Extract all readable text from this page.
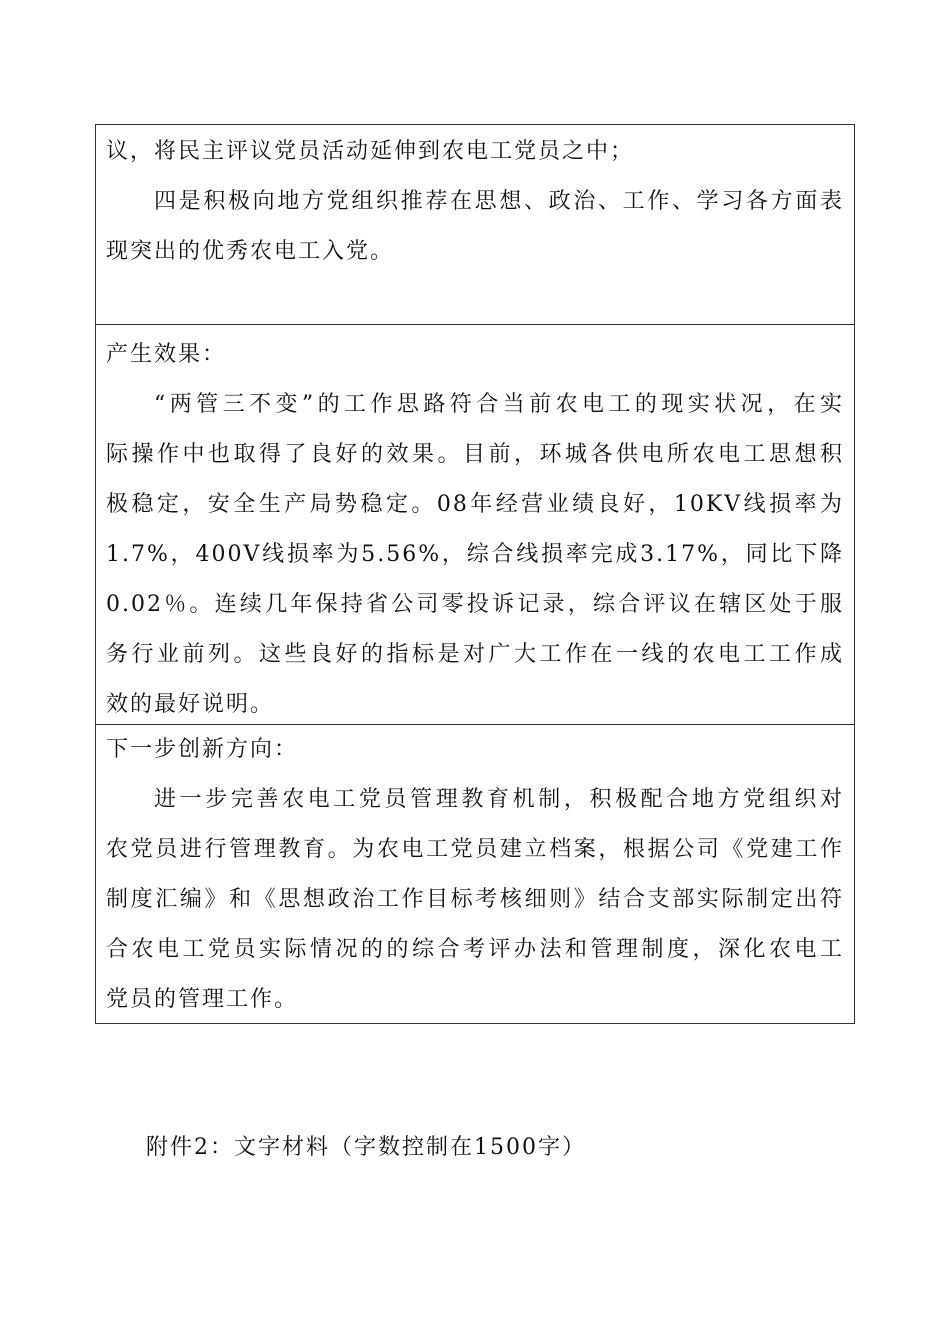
议，将民主评议党员活动延伸到农电工党员之中；
四是积极向地方党组织推荐在思想、政治、工作、学习各方面表
现突出的优秀农电工入党。
产生效果：
“两管三不变”的工作思路符合当前农电工的现实状况，在实
际操作中也取得了良好的效果。目前，环城各供电所农电工思想积
极稳定，安全生产局势稳定。08年经营业绩良好，10KV线损率为
1.7%，400V线损率为5.56%，综合线损率完成3.17%，同比下降
0.02％。连续几年保持省公司零投诉记录，综合评议在辖区处于服
务行业前列。这些良好的指标是对广大工作在一线的农电工工作成
效的最好说明。
下一步创新方向：
进一步完善农电工党员管理教育机制，积极配合地方党组织对
农党员进行管理教育。为农电工党员建立档案，根据公司《党建工作
制度汇编》和《思想政治工作目标考核细则》结合支部实际制定出符
合农电工党员实际情况的的综合考评办法和管理制度，深化农电工
党员的管理工作。
附件2：文字材料（字数控制在1500字）
